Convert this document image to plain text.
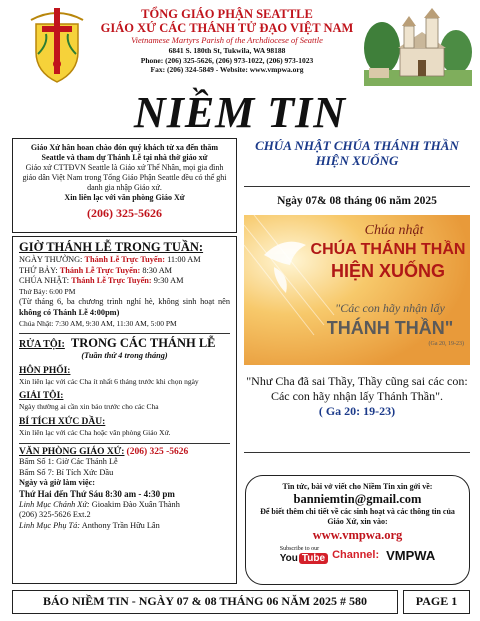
TỔNG GIÁO PHẬN SEATTLE
GIÁO XỨ CÁC THÁNH TỬ ĐẠO VIỆT NAM
Vietnamese Martyrs Parish of the Archdiocese of Seattle
6841 S. 180th St, Tukwila, WA 98188
Phone: (206) 325-5626, (206) 973-1022, (206) 973-1023
Fax: (206) 324-5849 - Website: www.vmpwa.org
NIỀM TIN
Giáo Xứ hân hoan chào đón quý khách từ xa đến thăm Seattle và tham dự Thánh Lễ tại nhà thờ giáo xứ
Giáo xứ CTTĐVN Seattle là Giáo xứ Thể Nhân, mọi gia đình giáo dân Việt Nam trong Tổng Giáo Phận Seattle đều có thể ghi danh gia nhập Giáo xứ.
Xin liên lạc với văn phòng Giáo Xứ
(206) 325-5626
GIỜ THÁNH LỄ TRONG TUẦN:
NGÀY THƯỜNG: Thánh Lễ Trực Tuyến: 11:00 AM
THỨ BẢY: Thánh Lễ Trực Tuyến: 8:30 AM
CHÚA NHẬT: Thánh Lễ Trực Tuyến: 9:30 AM
Thứ Bảy: 6:00 PM
(Từ tháng 6, ba chương trình nghỉ hè, không sinh hoạt nên không có Thánh Lễ 4:00pm)
Chúa Nhật: 7:30 AM, 9:30 AM, 11:30 AM, 5:00 PM
RỬA TỘI: TRONG CÁC THÁNH LỄ
(Tuần thứ 4 trong tháng)
HÔN PHỐI:
Xin liên lạc với các Cha ít nhất 6 tháng trước khi chọn ngày
GIẢI TỘI:
Ngày thường ai cần xin báo trước cho các Cha
BÍ TÍCH XỨC DẦU:
Xin liên lạc với các Cha hoặc văn phòng Giáo Xứ.
VĂN PHÒNG GIÁO XỨ: (206) 325 -5626
Bấm Số 1: Giờ Các Thánh Lễ
Bấm Số 7: Bí Tích Xức Dầu
Ngày và giờ làm việc:
Thứ Hai đến Thứ Sáu 8:30 am - 4:30 pm
Linh Mục Chánh Xứ: Gioakim Đào Xuân Thành
(206) 325-5626 Ext.2
Linh Mục Phụ Tá: Anthony Trần Hữu Lân
CHÚA NHẬT CHÚA THÁNH THẦN HIỆN XUỐNG
Ngày 07& 08 tháng 06 năm 2025
Chúa nhật
CHÚA THÁNH THẦN
HIỆN XUỐNG
"Các con hãy nhận lấy
THÁNH THẦN"
(Ga 20, 19-23)
"Như Cha đã sai Thầy, Thầy cũng sai các con: Các con hãy nhận lấy Thánh Thần".
( Ga 20: 19-23)
Tin tức, bài vở viết cho Niềm Tin xin gởi về:
banniemtin@gmail.com
Để biết thêm chi tiết về các sinh hoạt và các thông tin của Giáo Xứ, xin vào:
www.vmpwa.org
Subscribe to our
You Tube Channel: VMPWA
BÁO NIỀM TIN - NGÀY 07 & 08 THÁNG 06 NĂM 2025 # 580	PAGE 1
